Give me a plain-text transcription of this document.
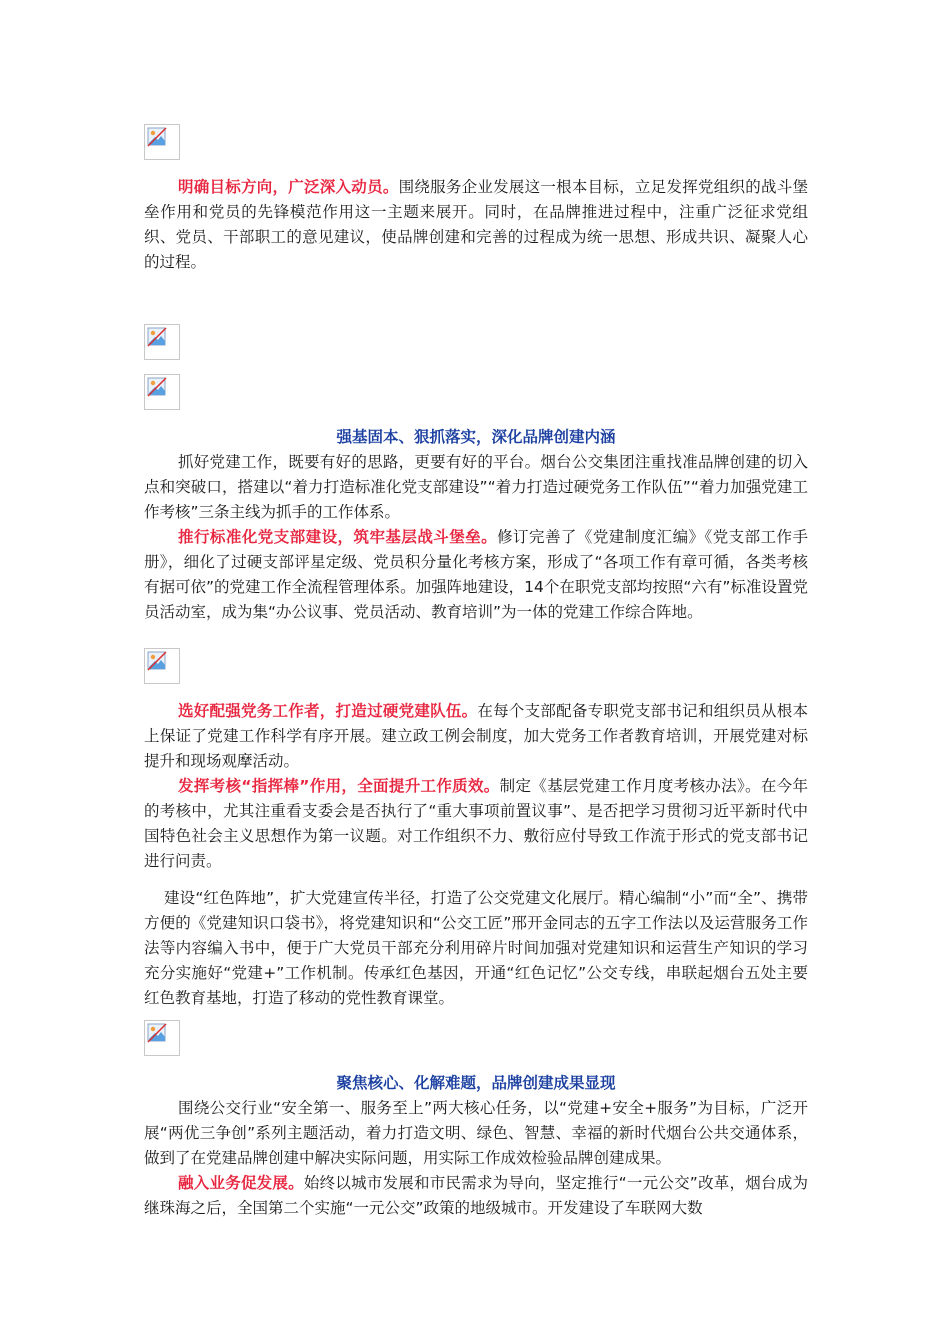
明确目标方向，广泛深入动员。围绕服务企业发展这一根本目标，立足发挥党组织的战斗堡垒作用和党员的先锋模范作用这一主题来展开。同时，在品牌推进过程中，注重广泛征求党组织、党员、干部职工的意见建议，使品牌创建和完善的过程成为统一思想、形成共识、凝聚人心的过程。

强基固本、狠抓落实，深化品牌创建内涵

抓好党建工作，既要有好的思路，更要有好的平台。烟台公交集团注重找准品牌创建的切入点和突破口，搭建以“着力打造标准化党支部建设”“着力打造过硬党务工作队伍”“着力加强党建工作考核”三条主线为抓手的工作体系。

推行标准化党支部建设，筑牢基层战斗堡垒。修订完善了《党建制度汇编》《党支部工作手册》，细化了过硬支部评星定级、党员积分量化考核方案，形成了“各项工作有章可循，各类考核有据可依”的党建工作全流程管理体系。加强阵地建设，14个在职党支部均按照“六有”标准设置党员活动室，成为集“办公议事、党员活动、教育培训”为一体的党建工作综合阵地。

选好配强党务工作者，打造过硬党建队伍。在每个支部配备专职党支部书记和组织员从根本上保证了党建工作科学有序开展。建立政工例会制度，加大党务工作者教育培训，开展党建对标提升和现场观摩活动。

发挥考核“指挥棒”作用，全面提升工作质效。制定《基层党建工作月度考核办法》。在今年的考核中，尤其注重看支委会是否执行了“重大事项前置议事”、是否把学习贯彻习近平新时代中国特色社会主义思想作为第一议题。对工作组织不力、敷衍应付导致工作流于形式的党支部书记进行问责。

建设“红色阵地”，扩大党建宣传半径，打造了公交党建文化展厅。精心编制“小”而“全”、携带方便的《党建知识口袋书》，将党建知识和“公交工匠”邢开金同志的五字工作法以及运营服务工作法等内容编入书中，便于广大党员干部充分利用碎片时间加强对党建知识和运营生产知识的学习充分实施好“党建+”工作机制。传承红色基因，开通“红色记忆”公交专线，串联起烟台五处主要红色教育基地，打造了移动的党性教育课堂。

聚焦核心、化解难题，品牌创建成果显现

围绕公交行业“安全第一、服务至上”两大核心任务，以“党建+安全+服务”为目标，广泛开展“两优三争创”系列主题活动，着力打造文明、绿色、智慧、幸福的新时代烟台公共交通体系，做到了在党建品牌创建中解决实际问题，用实际工作成效检验品牌创建成果。

融入业务促发展。始终以城市发展和市民需求为导向，坚定推行“一元公交”改革，烟台成为继珠海之后，全国第二个实施“一元公交”政策的地级城市。开发建设了车联网大数
